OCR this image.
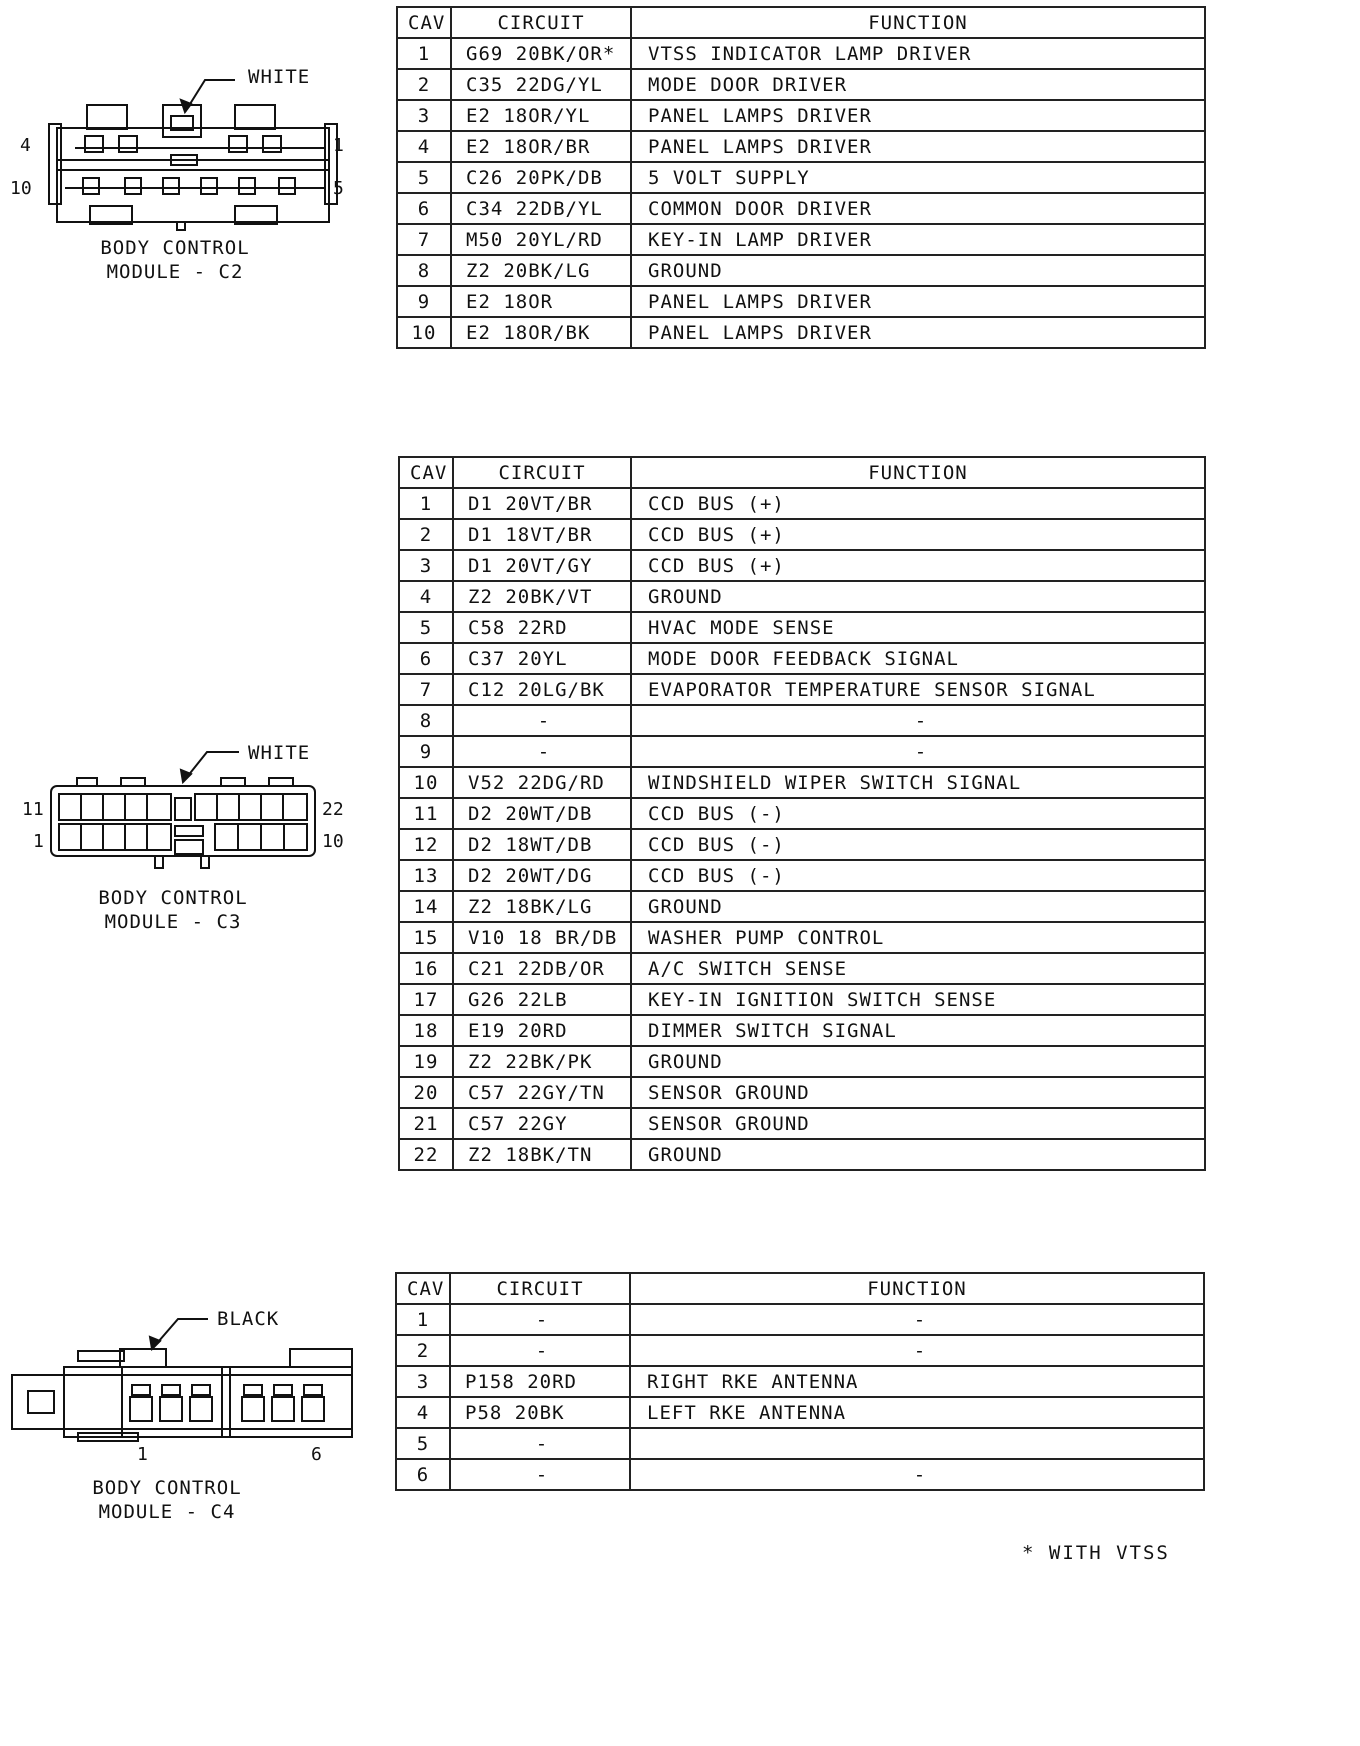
WHITE
4
10
1
5
BODY CONTROL
MODULE - C2
CAV	CIRCUIT	FUNCTION
1	G69 20BK/OR*	VTSS INDICATOR LAMP DRIVER
2	C35 22DG/YL	MODE DOOR DRIVER
3	E2 18OR/YL	PANEL LAMPS DRIVER
4	E2 18OR/BR	PANEL LAMPS DRIVER
5	C26 20PK/DB	5 VOLT SUPPLY
6	C34 22DB/YL	COMMON DOOR DRIVER
7	M50 20YL/RD	KEY-IN LAMP DRIVER
8	Z2 20BK/LG	GROUND
9	E2 18OR	PANEL LAMPS DRIVER
10	E2 18OR/BK	PANEL LAMPS DRIVER
WHITE
11
1
22
10
BODY CONTROL
MODULE - C3
CAV	CIRCUIT	FUNCTION
1	D1 20VT/BR	CCD BUS (+)
2	D1 18VT/BR	CCD BUS (+)
3	D1 20VT/GY	CCD BUS (+)
4	Z2 20BK/VT	GROUND
5	C58 22RD	HVAC MODE SENSE
6	C37 20YL	MODE DOOR FEEDBACK SIGNAL
7	C12 20LG/BK	EVAPORATOR TEMPERATURE SENSOR SIGNAL
8	-	-
9	-	-
10	V52 22DG/RD	WINDSHIELD WIPER SWITCH SIGNAL
11	D2 20WT/DB	CCD BUS (-)
12	D2 18WT/DB	CCD BUS (-)
13	D2 20WT/DG	CCD BUS (-)
14	Z2 18BK/LG	GROUND
15	V10 18 BR/DB	WASHER PUMP CONTROL
16	C21 22DB/OR	A/C SWITCH SENSE
17	G26 22LB	KEY-IN IGNITION SWITCH SENSE
18	E19 20RD	DIMMER SWITCH SIGNAL
19	Z2 22BK/PK	GROUND
20	C57 22GY/TN	SENSOR GROUND
21	C57 22GY	SENSOR GROUND
22	Z2 18BK/TN	GROUND
BLACK
1	6
BODY CONTROL
MODULE - C4
CAV	CIRCUIT	FUNCTION
1	-	-
2	-	-
3	P158 20RD	RIGHT RKE ANTENNA
4	P58 20BK	LEFT RKE ANTENNA
5	-	
6	-	-
* WITH VTSS
